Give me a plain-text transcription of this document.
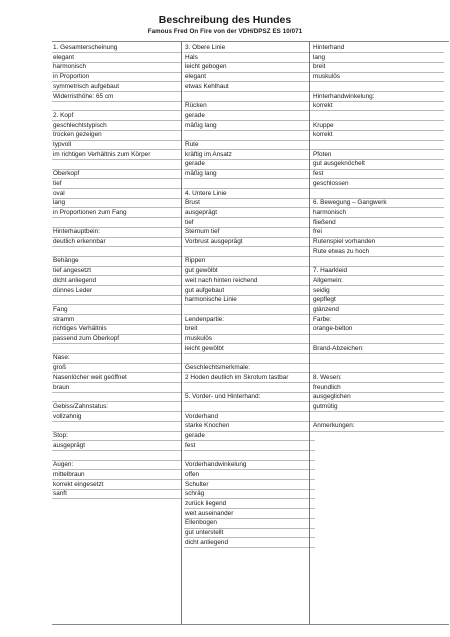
Beschreibung des Hundes
Famous Fred On Fire von der VDH/DPSZ ES 10/071
1. Gesamterscheinung
elegant
harmonisch
in Proportion
symmetrisch aufgebaut
Widerristhöhe: 65 cm
2. Kopf
geschlechtstypisch
trocken gezeigen
typvoll
im richtigen Verhältnis zum Körper
Oberkopf
tief
oval
lang
in Proportionen zum Fang
Hinterhauptbein:
deutlich erkennbar
Behänge
tief angesetzt
dicht anliegend
dünnes Leder
Fang
stramm
richtiges Verhältnis
passend zum Oberkopf
Nase:
groß
Nasenlöcher weit geöffnet
braun
Gebiss/Zahnstatus:
vollzahnig
Stop:
ausgeprägt
Augen:
mittelbraun
korrekt eingesetzt
sanft
3. Obere Linie
Hals
leicht gebogen
elegant
etwas Kehlhaut
Rücken
gerade
mäßig lang
Rute
kräftig im Ansatz
gerade
mäßig lang
4. Untere Linie
Brust
ausgeprägt
tief
Sternum tief
Vorbrust ausgeprägt
Rippen
gut gewölbt
weit nach hinten reichend
gut aufgebaut
harmonische Linie
Lendenpartie:
breit
muskulös
leicht gewölbt
Geschlechtsmerkmale:
2 Hoden deutlich im Skrotum tastbar
5. Vorder- und Hinterhand:
Vorderhand
starke Knochen
gerade
fest
Vorderhandwinkelung
offen
Schulter
schräg
zurück liegend
weit auseinander
Ellenbogen
gut unterstellt
dicht anliegend
Hinterhand
lang
breit
muskulös
Hinterhandwinkelung:
korrekt
Kruppe
korrekt
Pfoten
gut ausgeknöchelt
fest
geschlossen
6. Bewegung – Gangwerk
harmonisch
fließend
frei
Rutenspiel vorhanden
Rute etwas zu hoch
7. Haarkleid
Allgemein:
seidig
gepflegt
glänzend
Farbe:
orange-belton
Brand-Abzeichen:
8. Wesen:
freundlich
ausgeglichen
gutmütig
Anmerkungen:
